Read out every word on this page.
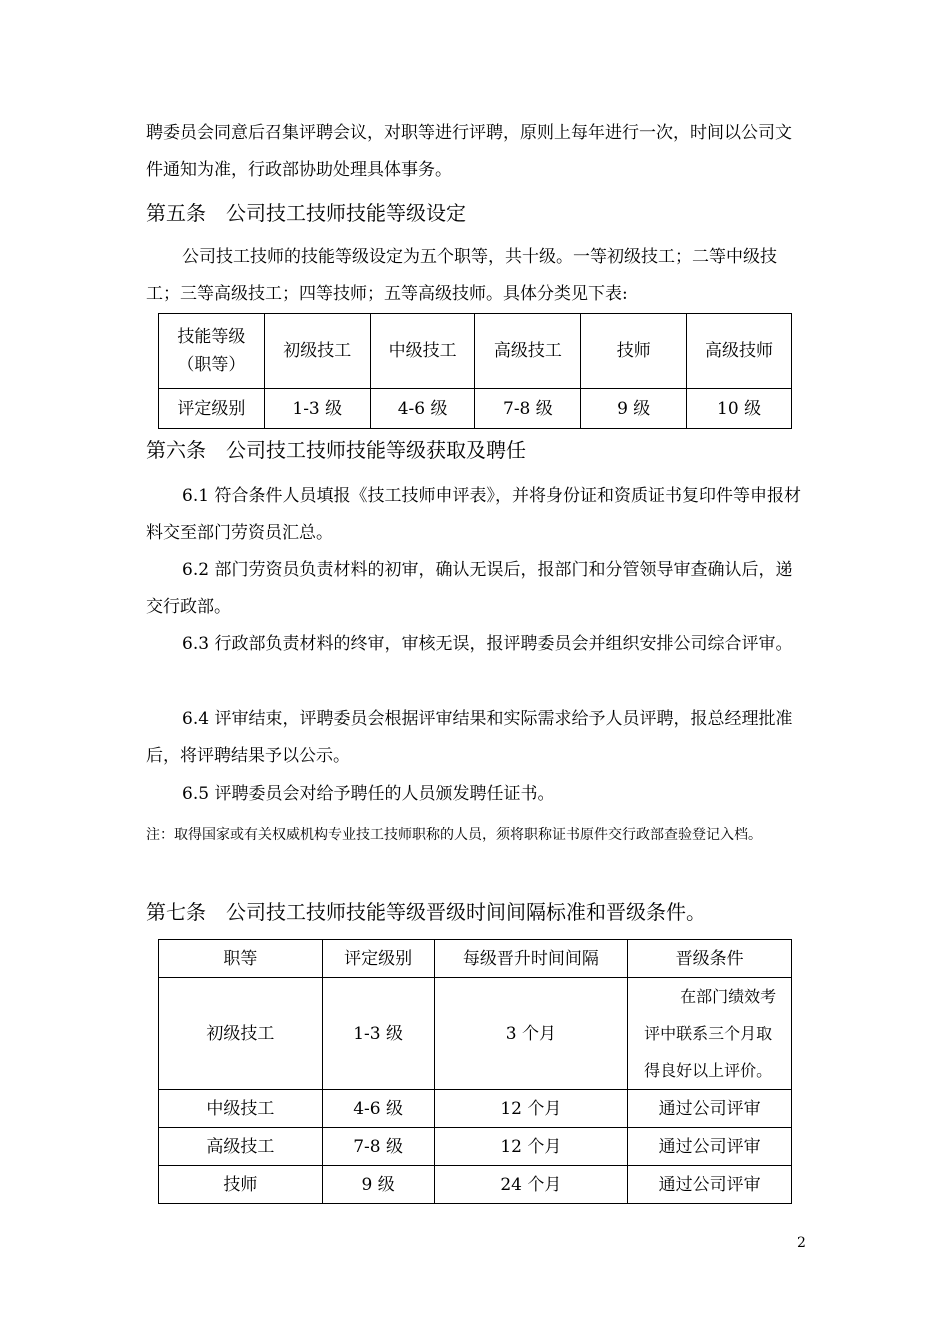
聘委员会同意后召集评聘会议，对职等进行评聘，原则上每年进行一次，时间以公司文件通知为准，行政部协助处理具体事务。

第五条　公司技工技师技能等级设定

公司技工技师的技能等级设定为五个职等，共十级。一等初级技工；二等中级技工；三等高级技工；四等技师；五等高级技师。具体分类见下表:

技能等级
（职等）	初级技工	中级技工	高级技工	技师	高级技师
评定级别	1-3 级	4-6 级	7-8 级	9 级	10 级

第六条　公司技工技师技能等级获取及聘任

6.1 符合条件人员填报《技工技师申评表》，并将身份证和资质证书复印件等申报材料交至部门劳资员汇总。

6.2 部门劳资员负责材料的初审，确认无误后，报部门和分管领导审查确认后，递交行政部。

6.3 行政部负责材料的终审，审核无误，报评聘委员会并组织安排公司综合评审。

6.4 评审结束，评聘委员会根据评审结果和实际需求给予人员评聘，报总经理批准后，将评聘结果予以公示。

6.5 评聘委员会对给予聘任的人员颁发聘任证书。

注：取得国家或有关权威机构专业技工技师职称的人员，须将职称证书原件交行政部查验登记入档。

第七条　公司技工技师技能等级晋级时间间隔标准和晋级条件。

职等	评定级别	每级晋升时间间隔	晋级条件
初级技工	1-3 级	3 个月	在部门绩效考评中联系三个月取得良好以上评价。
中级技工	4-6 级	12 个月	通过公司评审
高级技工	7-8 级	12 个月	通过公司评审
技师	9 级	24 个月	通过公司评审
2
